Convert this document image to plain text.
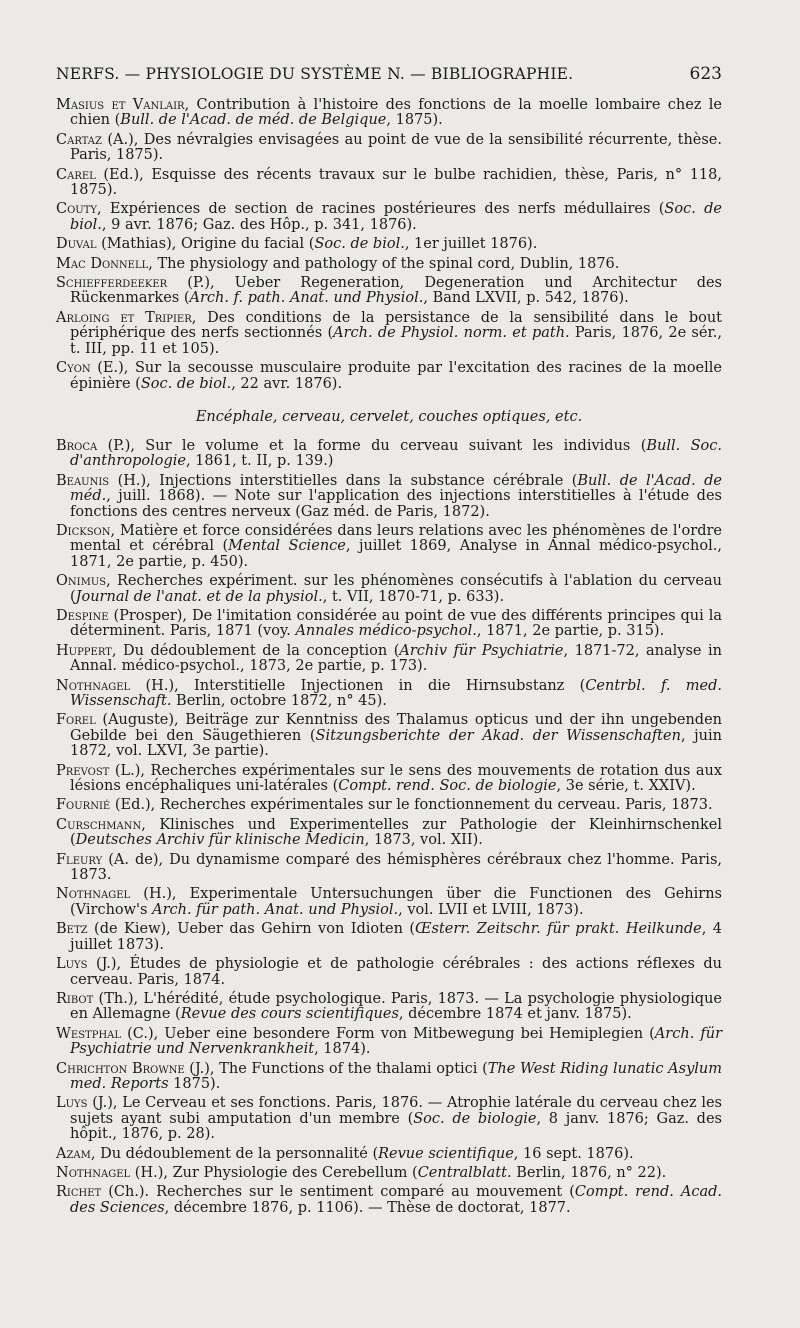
NERFS. — PHYSIOLOGIE DU SYSTÈME N. — BIBLIOGRAPHIE.	623

Masius et Vanlair, Contribution à l'histoire des fonctions de la moelle lombaire chez le chien (Bull. de l'Acad. de méd. de Belgique, 1875).

Cartaz (A.), Des névralgies envisagées au point de vue de la sensibilité récurrente, thèse. Paris, 1875).

Carel (Ed.), Esquisse des récents travaux sur le bulbe rachidien, thèse, Paris, n° 118, 1875).

Couty, Expériences de section de racines postérieures des nerfs médullaires (Soc. de biol., 9 avr. 1876; Gaz. des Hôp., p. 341, 1876).

Duval (Mathias), Origine du facial (Soc. de biol., 1er juillet 1876).

Mac Donnell, The physiology and pathology of the spinal cord, Dublin, 1876.

Schiefferdeeker (P.), Ueber Regeneration, Degeneration und Architectur des Rückenmarkes (Arch. f. path. Anat. und Physiol., Band LXVII, p. 542, 1876).

Arloing et Tripier, Des conditions de la persistance de la sensibilité dans le bout périphérique des nerfs sectionnés (Arch. de Physiol. norm. et path. Paris, 1876, 2e sér., t. III, pp. 11 et 105).

Cyon (E.), Sur la secousse musculaire produite par l'excitation des racines de la moelle épinière (Soc. de biol., 22 avr. 1876).

Encéphale, cerveau, cervelet, couches optiques, etc.

Broca (P.), Sur le volume et la forme du cerveau suivant les individus (Bull. Soc. d'anthropologie, 1861, t. II, p. 139.)

Beaunis (H.), Injections interstitielles dans la substance cérébrale (Bull. de l'Acad. de méd., juill. 1868). — Note sur l'application des injections interstitielles à l'étude des fonctions des centres nerveux (Gaz méd. de Paris, 1872).

Dickson, Matière et force considérées dans leurs relations avec les phénomènes de l'ordre mental et cérébral (Mental Science, juillet 1869, Analyse in Annal médico-psychol., 1871, 2e partie, p. 450).

Onimus, Recherches expériment. sur les phénomènes consécutifs à l'ablation du cerveau (Journal de l'anat. et de la physiol., t. VII, 1870-71, p. 633).

Despine (Prosper), De l'imitation considérée au point de vue des différents principes qui la déterminent. Paris, 1871 (voy. Annales médico-psychol., 1871, 2e partie, p. 315).

Huppert, Du dédoublement de la conception (Archiv für Psychiatrie, 1871-72, analyse in Annal. médico-psychol., 1873, 2e partie, p. 173).

Nothnagel (H.), Interstitielle Injectionen in die Hirnsubstanz (Centrbl. f. med. Wissenschaft. Berlin, octobre 1872, n° 45).

Forel (Auguste), Beiträge zur Kenntniss des Thalamus opticus und der ihn ungebenden Gebilde bei den Säugethieren (Sitzungsberichte der Akad. der Wissenschaften, juin 1872, vol. LXVI, 3e partie).

Prevost (L.), Recherches expérimentales sur le sens des mouvements de rotation dus aux lésions encéphaliques uni-latérales (Compt. rend. Soc. de biologie, 3e série, t. XXIV).

Fournié (Ed.), Recherches expérimentales sur le fonctionnement du cerveau. Paris, 1873.

Curschmann, Klinisches und Experimentelles zur Pathologie der Kleinhirnschenkel (Deutsches Archiv für klinische Medicin, 1873, vol. XII).

Fleury (A. de), Du dynamisme comparé des hémisphères cérébraux chez l'homme. Paris, 1873.

Nothnagel (H.), Experimentale Untersuchungen über die Functionen des Gehirns (Virchow's Arch. für path. Anat. und Physiol., vol. LVII et LVIII, 1873).

Betz (de Kiew), Ueber das Gehirn von Idioten (Œsterr. Zeitschr. für prakt. Heilkunde, 4 juillet 1873).

Luys (J.), Études de physiologie et de pathologie cérébrales : des actions réflexes du cerveau. Paris, 1874.

Ribot (Th.), L'hérédité, étude psychologique. Paris, 1873. — La psychologie physiologique en Allemagne (Revue des cours scientifiques, décembre 1874 et janv. 1875).

Westphal (C.), Ueber eine besondere Form von Mitbewegung bei Hemiplegien (Arch. für Psychiatrie und Nervenkrankheit, 1874).

Chrichton Browne (J.), The Functions of the thalami optici (The West Riding lunatic Asylum med. Reports 1875).

Luys (J.), Le Cerveau et ses fonctions. Paris, 1876. — Atrophie latérale du cerveau chez les sujets ayant subi amputation d'un membre (Soc. de biologie, 8 janv. 1876; Gaz. des hôpit., 1876, p. 28).

Azam, Du dédoublement de la personnalité (Revue scientifique, 16 sept. 1876).

Nothnagel (H.), Zur Physiologie des Cerebellum (Centralblatt. Berlin, 1876, n° 22).

Richet (Ch.). Recherches sur le sentiment comparé au mouvement (Compt. rend. Acad. des Sciences, décembre 1876, p. 1106). — Thèse de doctorat, 1877.
